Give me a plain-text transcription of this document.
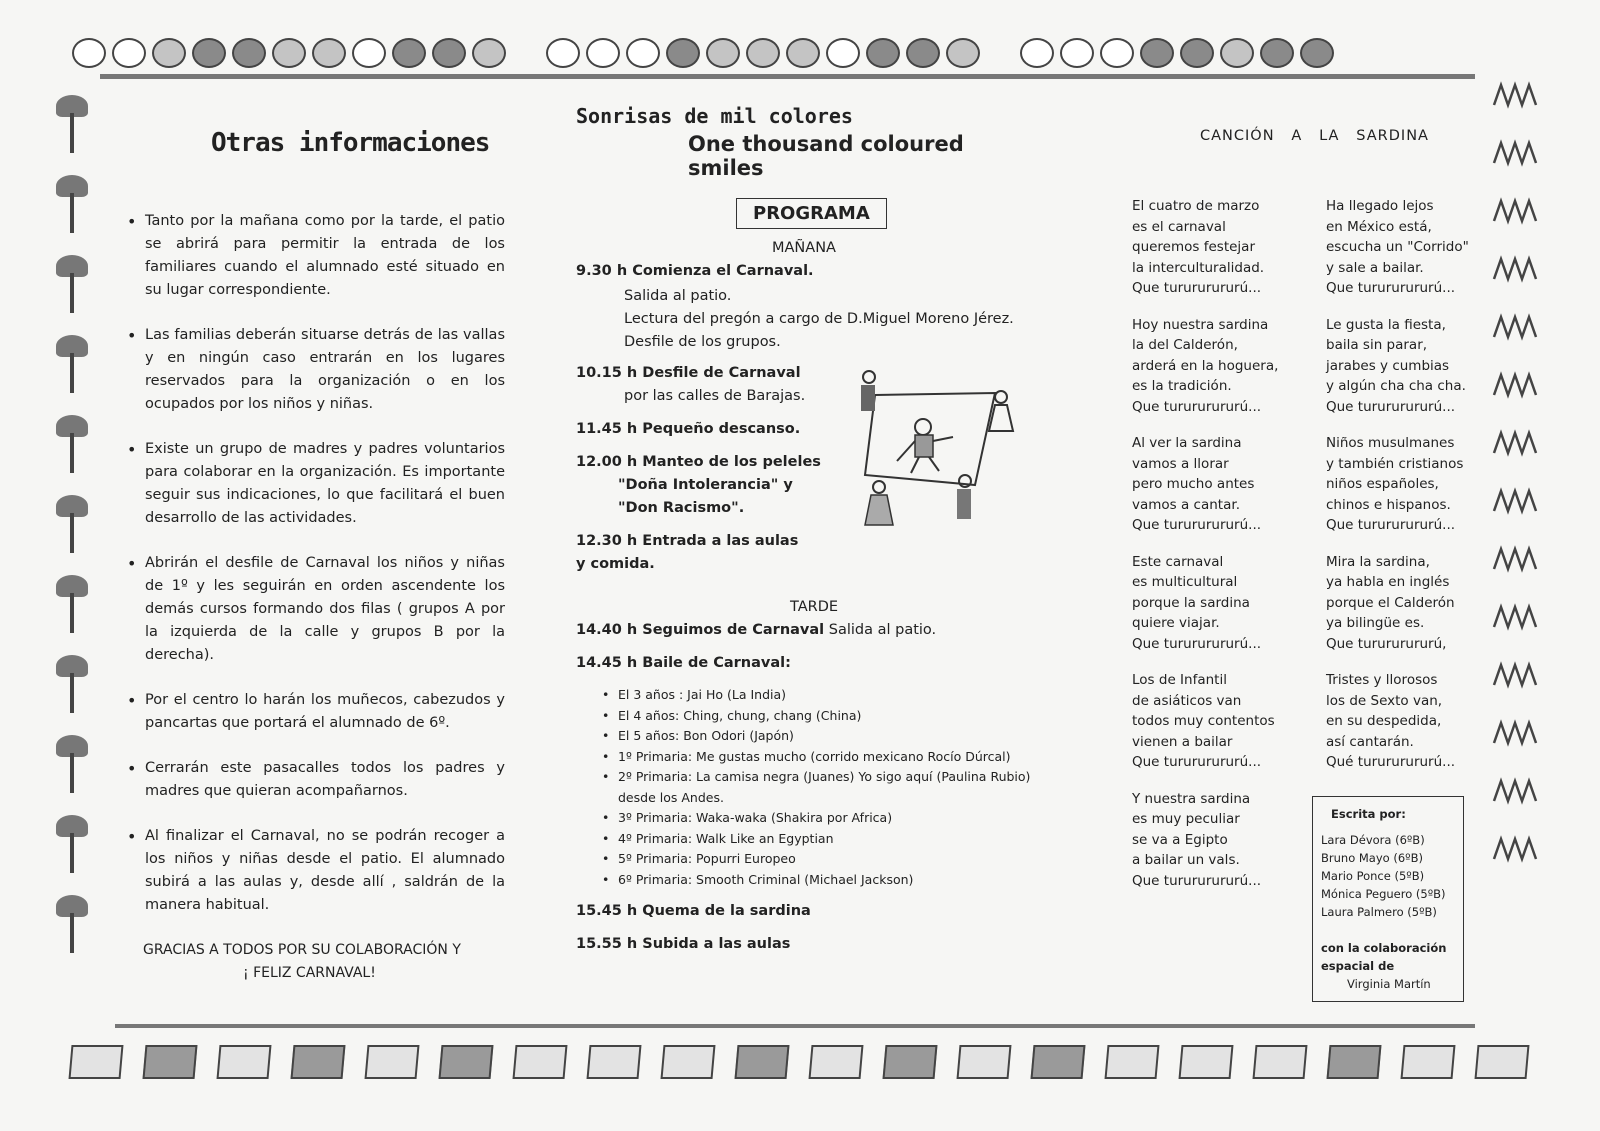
Otras informaciones
• Tanto por la mañana como por la tarde, el patio se abrirá para permitir la entrada de los familiares cuando el alumnado esté situado en su lugar correspondiente.
• Las familias deberán situarse detrás de las vallas y en ningún caso entrarán en los lugares reservados para la organización o en los ocupados por los niños y niñas.
• Existe un grupo de madres y padres voluntarios para colaborar en la organización. Es importante seguir sus indicaciones, lo que facilitará el buen desarrollo de las actividades.
• Abrirán el desfile de Carnaval los niños y niñas de 1º y les seguirán en orden ascendente los demás cursos formando dos filas ( grupos A por la izquierda de la calle y grupos B por la derecha).
• Por el centro lo harán los muñecos, cabezudos y pancartas que portará el alumnado de 6º.
• Cerrarán este pasacalles todos los padres y madres que quieran acompañarnos.
• Al finalizar el Carnaval, no se podrán recoger a los niños y niñas desde el patio. El alumnado subirá a las aulas y, desde allí , saldrán de la manera habitual.
GRACIAS A TODOS POR SU COLABORACIÓN Y
¡ FELIZ CARNAVAL!
Sonrisas de mil colores
One thousand coloured smiles
PROGRAMA
MAÑANA
9.30 h Comienza el Carnaval.
Salida al patio.
Lectura del pregón a cargo de D.Miguel Moreno Jérez.
Desfile de los grupos.
10.15 h Desfile de Carnaval
por las calles de Barajas.
11.45 h Pequeño descanso.
12.00 h Manteo de los peleles
"Doña Intolerancia" y
"Don Racismo".
12.30 h Entrada a las aulas
y comida.
TARDE
14.40 h Seguimos de Carnaval Salida al patio.
14.45 h Baile de Carnaval:
• El 3 años : Jai Ho (La India)
• El 4 años: Ching, chung, chang (China)
• El 5 años: Bon Odori (Japón)
• 1º Primaria: Me gustas mucho (corrido mexicano Rocío Dúrcal)
• 2º Primaria: La camisa negra (Juanes) Yo sigo aquí (Paulina Rubio) desde los Andes.
• 3º Primaria: Waka-waka (Shakira por Africa)
• 4º Primaria: Walk Like an Egyptian
• 5º Primaria: Popurri Europeo
• 6º Primaria: Smooth Criminal (Michael Jackson)
15.45 h Quema de la sardina
15.55 h Subida a las aulas
CANCIÓN   A   LA   SARDINA
El cuatro de marzo
es el carnaval
queremos festejar
la interculturalidad.
Que turururururú...
Hoy nuestra sardina
la del Calderón,
arderá en la hoguera,
es la tradición.
Que turururururú...
Al ver la sardina
vamos a llorar
pero mucho antes
vamos a cantar.
Que turururururú...
Este carnaval
es multicultural
porque la sardina
quiere viajar.
Que turururururú...
Los de Infantil
de asiáticos van
todos muy contentos
vienen a bailar
Que turururururú...
Y nuestra sardina
es muy peculiar
se va a Egipto
a bailar un vals.
Que turururururú...
Ha llegado lejos
en México está,
escucha un "Corrido"
y sale a bailar.
Que turururururú...
Le gusta la fiesta,
baila sin parar,
jarabes y cumbias
y algún cha cha cha.
Que turururururú...
Niños musulmanes
y también cristianos
niños españoles,
chinos e hispanos.
Que turururururú...
Mira la sardina,
ya habla en inglés
porque el Calderón
ya bilingüe es.
Que turururururú,
Tristes y llorosos
los de Sexto van,
en su despedida,
así cantarán.
Qué turururururú...
Escrita por:
Lara Dévora (6ºB)
Bruno Mayo (6ºB)
Mario Ponce (5ºB)
Mónica Peguero (5ºB)
Laura Palmero (5ºB)
con la colaboración
espacial de
Virginia Martín
